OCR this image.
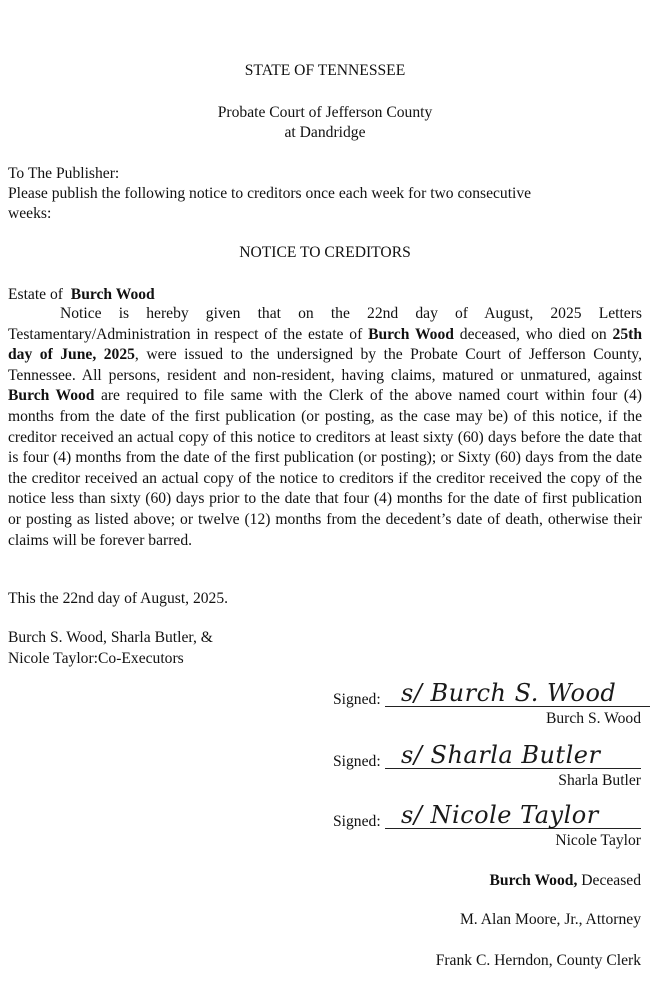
STATE OF TENNESSEE
Probate Court of Jefferson County
at Dandridge
To The Publisher:
Please publish the following notice to creditors once each week for two consecutive
weeks:
NOTICE TO CREDITORS
Estate of Burch Wood
Notice is hereby given that on the 22nd day of August, 2025 Letters Testamentary/Administration in respect of the estate of Burch Wood deceased, who died on 25th day of June, 2025, were issued to the undersigned by the Probate Court of Jefferson County, Tennessee. All persons, resident and non-resident, having claims, matured or unmatured, against Burch Wood are required to file same with the Clerk of the above named court within four (4) months from the date of the first publication (or posting, as the case may be) of this notice, if the creditor received an actual copy of this notice to creditors at least sixty (60) days before the date that is four (4) months from the date of the first publication (or posting); or Sixty (60) days from the date the creditor received an actual copy of the notice to creditors if the creditor received the copy of the notice less than sixty (60) days prior to the date that four (4) months for the date of first publication or posting as listed above; or twelve (12) months from the decedent’s date of death, otherwise their claims will be forever barred.
This the 22nd day of August, 2025.
Burch S. Wood, Sharla Butler, &
Nicole Taylor:Co-Executors
Signed: s/ Burch S. Wood
Burch S. Wood
Signed: s/ Sharla Butler
Sharla Butler
Signed: s/ Nicole Taylor
Nicole Taylor
Burch Wood, Deceased
M. Alan Moore, Jr., Attorney
Frank C. Herndon, County Clerk
